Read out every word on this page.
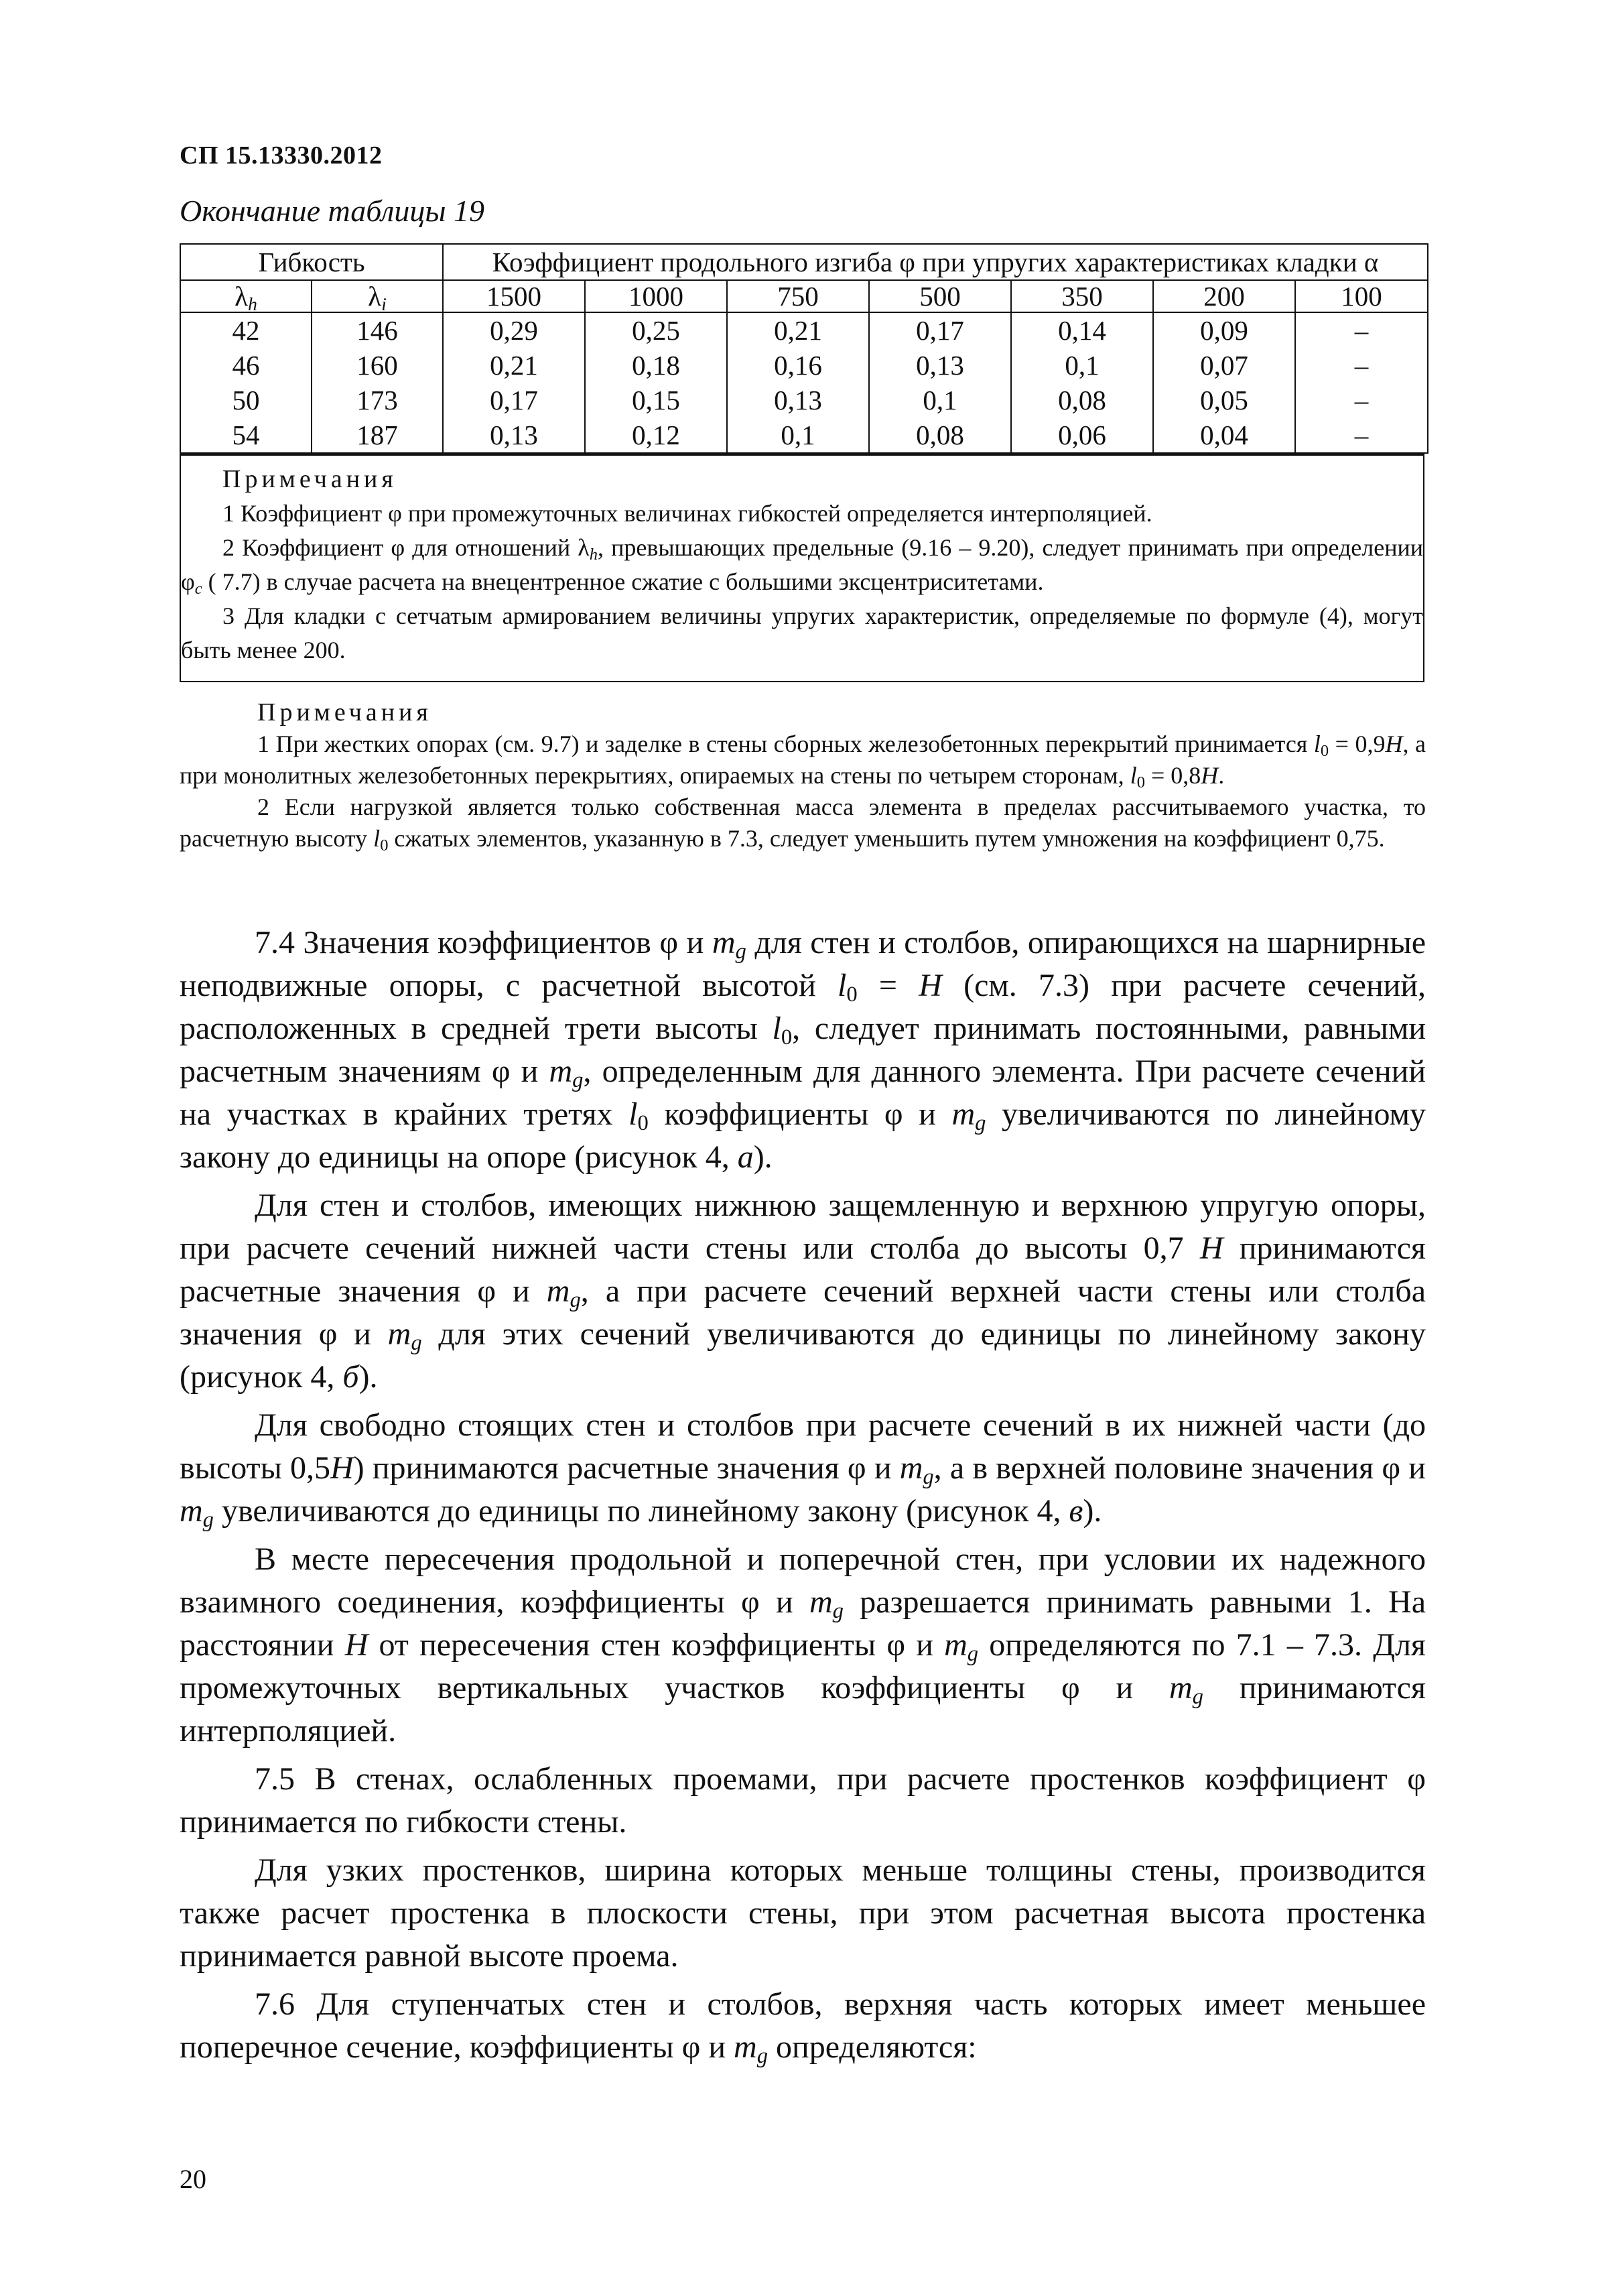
СП 15.13330.2012
Окончание таблицы 19
Гибкость		Коэффициент продольного изгиба φ при упругих характеристиках кладки α						
$\lambda_h$	$\lambda_i$	1500	1000	750	500	350	200	100
42	146	0,29	0,25	0,21	0,17	0,14	0,09	–
46	160	0,21	0,18	0,16	0,13	0,1	0,07	–
50	173	0,17	0,15	0,13	0,1	0,08	0,05	–
54	187	0,13	0,12	0,1	0,08	0,06	0,04	–
Примечания

1 Коэффициент φ при промежуточных величинах гибкостей определяется интерполяцией.

2 Коэффициент φ для отношений $\lambda_h$, превышающих предельные (9.16 – 9.20), следует принимать при определении $\varphi_c$ ( 7.7) в случае расчета на внецентренное сжатие с большими эксцентриситетами.

3 Для кладки с сетчатым армированием величины упругих характеристик, определяемые по формуле (4), могут быть менее 200.

Примечания

1 При жестких опорах (см. 9.7) и заделке в стены сборных железобетонных перекрытий принимается $l_0 = 0,9H$, а при монолитных железобетонных перекрытиях, опираемых на стены по четырем сторонам, $l_0 = 0,8H$.

2 Если нагрузкой является только собственная масса элемента в пределах рассчитываемого участка, то расчетную высоту $l_0$ сжатых элементов, указанную в 7.3, следует уменьшить путем умножения на коэффициент 0,75.

7.4 Значения коэффициентов φ и $m_g$ для стен и столбов, опирающихся на шарнирные неподвижные опоры, с расчетной высотой $l_0 = H$ (см. 7.3) при расчете сечений, расположенных в средней трети высоты $l_0$, следует принимать постоянными, равными расчетным значениям φ и $m_g$, определенным для данного элемента. При расчете сечений на участках в крайних третях $l_0$ коэффициенты φ и $m_g$ увеличиваются по линейному закону до единицы на опоре (рисунок 4, а).

Для стен и столбов, имеющих нижнюю защемленную и верхнюю упругую опоры, при расчете сечений нижней части стены или столба до высоты 0,7 H принимаются расчетные значения φ и $m_g$, а при расчете сечений верхней части стены или столба значения φ и $m_g$ для этих сечений увеличиваются до единицы по линейному закону (рисунок 4, б).

Для свободно стоящих стен и столбов при расчете сечений в их нижней части (до высоты 0,5H) принимаются расчетные значения φ и $m_g$, а в верхней половине значения φ и $m_g$ увеличиваются до единицы по линейному закону (рисунок 4, в).

В месте пересечения продольной и поперечной стен, при условии их надежного взаимного соединения, коэффициенты φ и $m_g$ разрешается принимать равными 1. На расстоянии H от пересечения стен коэффициенты φ и $m_g$ определяются по 7.1 – 7.3. Для промежуточных вертикальных участков коэффициенты φ и $m_g$ принимаются интерполяцией.

7.5 В стенах, ослабленных проемами, при расчете простенков коэффициент φ принимается по гибкости стены.

Для узких простенков, ширина которых меньше толщины стены, производится также расчет простенка в плоскости стены, при этом расчетная высота простенка принимается равной высоте проема.

7.6 Для ступенчатых стен и столбов, верхняя часть которых имеет меньшее поперечное сечение, коэффициенты φ и $m_g$ определяются:

20
